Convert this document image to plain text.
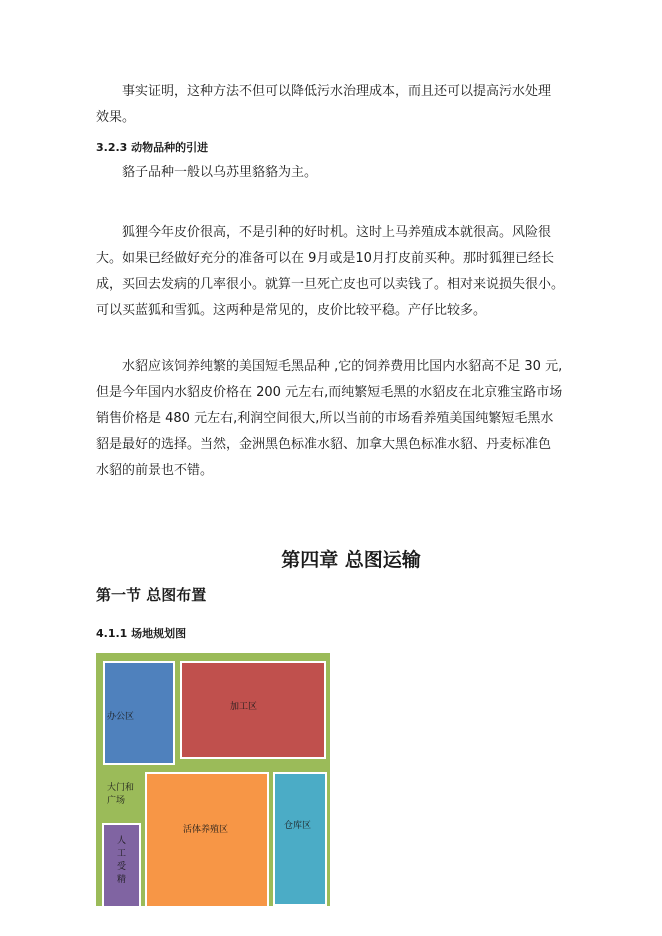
事实证明，这种方法不但可以降低污水治理成本，而且还可以提高污水处理

效果。

3.2.3 动物品种的引进

貉子品种一般以乌苏里貉貉为主。

狐狸今年皮价很高，不是引种的好时机。这时上马养殖成本就很高。风险很

大。如果已经做好充分的准备可以在 9月或是10月打皮前买种。那时狐狸已经长

成，买回去发病的几率很小。就算一旦死亡皮也可以卖钱了。相对来说损失很小。

可以买蓝狐和雪狐。这两种是常见的，皮价比较平稳。产仔比较多。

水貂应该饲养纯繁的美国短毛黑品种 ,它的饲养费用比国内水貂高不足 30 元,

但是今年国内水貂皮价格在 200 元左右,而纯繁短毛黑的水貂皮在北京雅宝路市场

销售价格是 480 元左右,利润空间很大,所以当前的市场看养殖美国纯繁短毛黑水

貂是最好的选择。当然，金洲黑色标准水貂、加拿大黑色标准水貂、丹麦标准色

水貂的前景也不错。

第四章 总图运输
第一节 总图布置

4.1.1 场地规划图

办公区
加工区
大门和
广场
活体养殖区	仓库区
人
工
受
精
